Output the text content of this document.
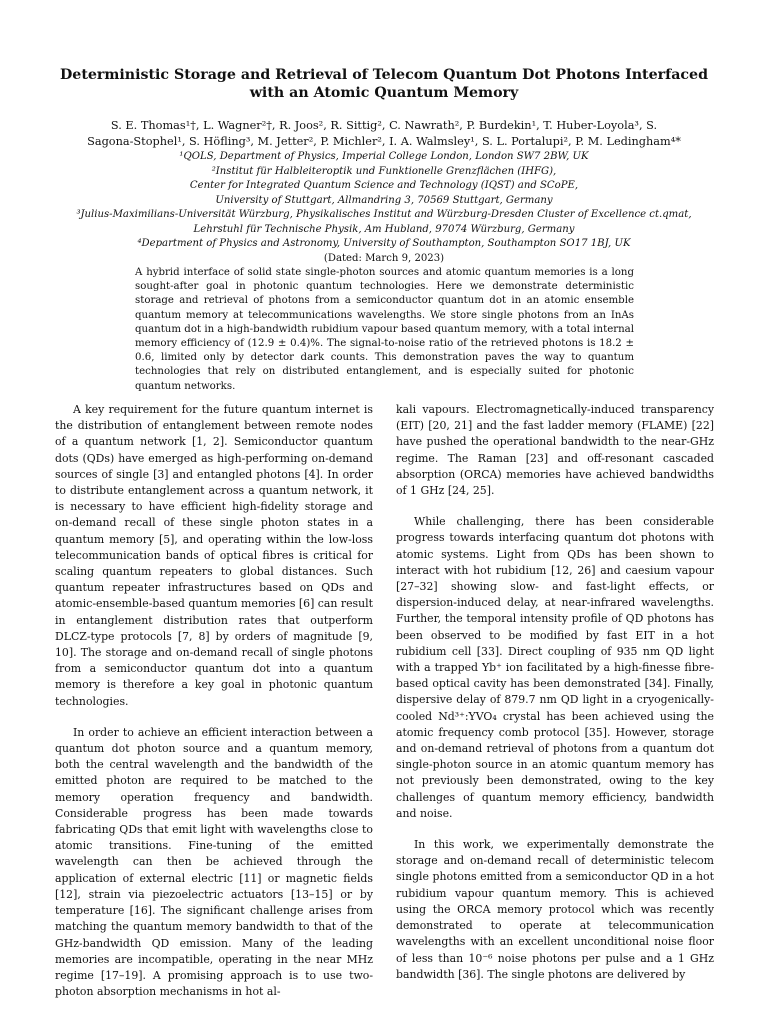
Deterministic Storage and Retrieval of Telecom Quantum Dot Photons Interfaced
with an Atomic Quantum Memory
S. E. Thomas¹†, L. Wagner²†, R. Joos², R. Sittig², C. Nawrath², P. Burdekin¹, T. Huber-Loyola³, S.
Sagona-Stophel¹, S. Höfling³, M. Jetter², P. Michler², I. A. Walmsley¹, S. L. Portalupi², P. M. Ledingham⁴*
¹QOLS, Department of Physics, Imperial College London, London SW7 2BW, UK
²Institut für Halbleiteroptik und Funktionelle Grenzflächen (IHFG),
Center for Integrated Quantum Science and Technology (IQST) and SCoPE,
University of Stuttgart, Allmandring 3, 70569 Stuttgart, Germany
³Julius-Maximilians-Universität Würzburg, Physikalisches Institut and Würzburg-Dresden Cluster of Excellence ct.qmat,
Lehrstuhl für Technische Physik, Am Hubland, 97074 Würzburg, Germany
⁴Department of Physics and Astronomy, University of Southampton, Southampton SO17 1BJ, UK
(Dated: March 9, 2023)
A hybrid interface of solid state single-photon sources and atomic quantum memories is a long sought-after goal in photonic quantum technologies. Here we demonstrate deterministic storage and retrieval of photons from a semiconductor quantum dot in an atomic ensemble quantum memory at telecommunications wavelengths. We store single photons from an InAs quantum dot in a high-bandwidth rubidium vapour based quantum memory, with a total internal memory efficiency of (12.9 ± 0.4)%. The signal-to-noise ratio of the retrieved photons is 18.2 ± 0.6, limited only by detector dark counts. This demonstration paves the way to quantum technologies that rely on distributed entanglement, and is especially suited for photonic quantum networks.

A key requirement for the future quantum internet is the distribution of entanglement between remote nodes of a quantum network [1, 2]. Semiconductor quantum dots (QDs) have emerged as high-performing on-demand sources of single [3] and entangled photons [4]. In order to distribute entanglement across a quantum network, it is necessary to have efficient high-fidelity storage and on-demand recall of these single photon states in a quantum memory [5], and operating within the low-loss telecommunication bands of optical fibres is critical for scaling quantum repeaters to global distances. Such quantum repeater infrastructures based on QDs and atomic-ensemble-based quantum memories [6] can result in entanglement distribution rates that outperform DLCZ-type protocols [7, 8] by orders of magnitude [9, 10]. The storage and on-demand recall of single photons from a semiconductor quantum dot into a quantum memory is therefore a key goal in photonic quantum technologies.

In order to achieve an efficient interaction between a quantum dot photon source and a quantum memory, both the central wavelength and the bandwidth of the emitted photon are required to be matched to the memory operation frequency and bandwidth. Considerable progress has been made towards fabricating QDs that emit light with wavelengths close to atomic transitions. Fine-tuning of the emitted wavelength can then be achieved through the application of external electric [11] or magnetic fields [12], strain via piezoelectric actuators [13–15] or by temperature [16]. The significant challenge arises from matching the quantum memory bandwidth to that of the GHz-bandwidth QD emission. Many of the leading memories are incompatible, operating in the near MHz regime [17–19]. A promising approach is to use two-photon absorption mechanisms in hot al-

kali vapours. Electromagnetically-induced transparency (EIT) [20, 21] and the fast ladder memory (FLAME) [22] have pushed the operational bandwidth to the near-GHz regime. The Raman [23] and off-resonant cascaded absorption (ORCA) memories have achieved bandwidths of 1 GHz [24, 25].

While challenging, there has been considerable progress towards interfacing quantum dot photons with atomic systems. Light from QDs has been shown to interact with hot rubidium [12, 26] and caesium vapour [27–32] showing slow- and fast-light effects, or dispersion-induced delay, at near-infrared wavelengths. Further, the temporal intensity profile of QD photons has been observed to be modified by fast EIT in a hot rubidium cell [33]. Direct coupling of 935 nm QD light with a trapped Yb⁺ ion facilitated by a high-finesse fibre-based optical cavity has been demonstrated [34]. Finally, dispersive delay of 879.7 nm QD light in a cryogenically-cooled Nd³⁺:YVO₄ crystal has been achieved using the atomic frequency comb protocol [35]. However, storage and on-demand retrieval of photons from a quantum dot single-photon source in an atomic quantum memory has not previously been demonstrated, owing to the key challenges of quantum memory efficiency, bandwidth and noise.

In this work, we experimentally demonstrate the storage and on-demand recall of deterministic telecom single photons emitted from a semiconductor QD in a hot rubidium vapour quantum memory. This is achieved using the ORCA memory protocol which was recently demonstrated to operate at telecommunication wavelengths with an excellent unconditional noise floor of less than 10⁻⁶ noise photons per pulse and a 1 GHz bandwidth [36]. The single photons are delivered by
